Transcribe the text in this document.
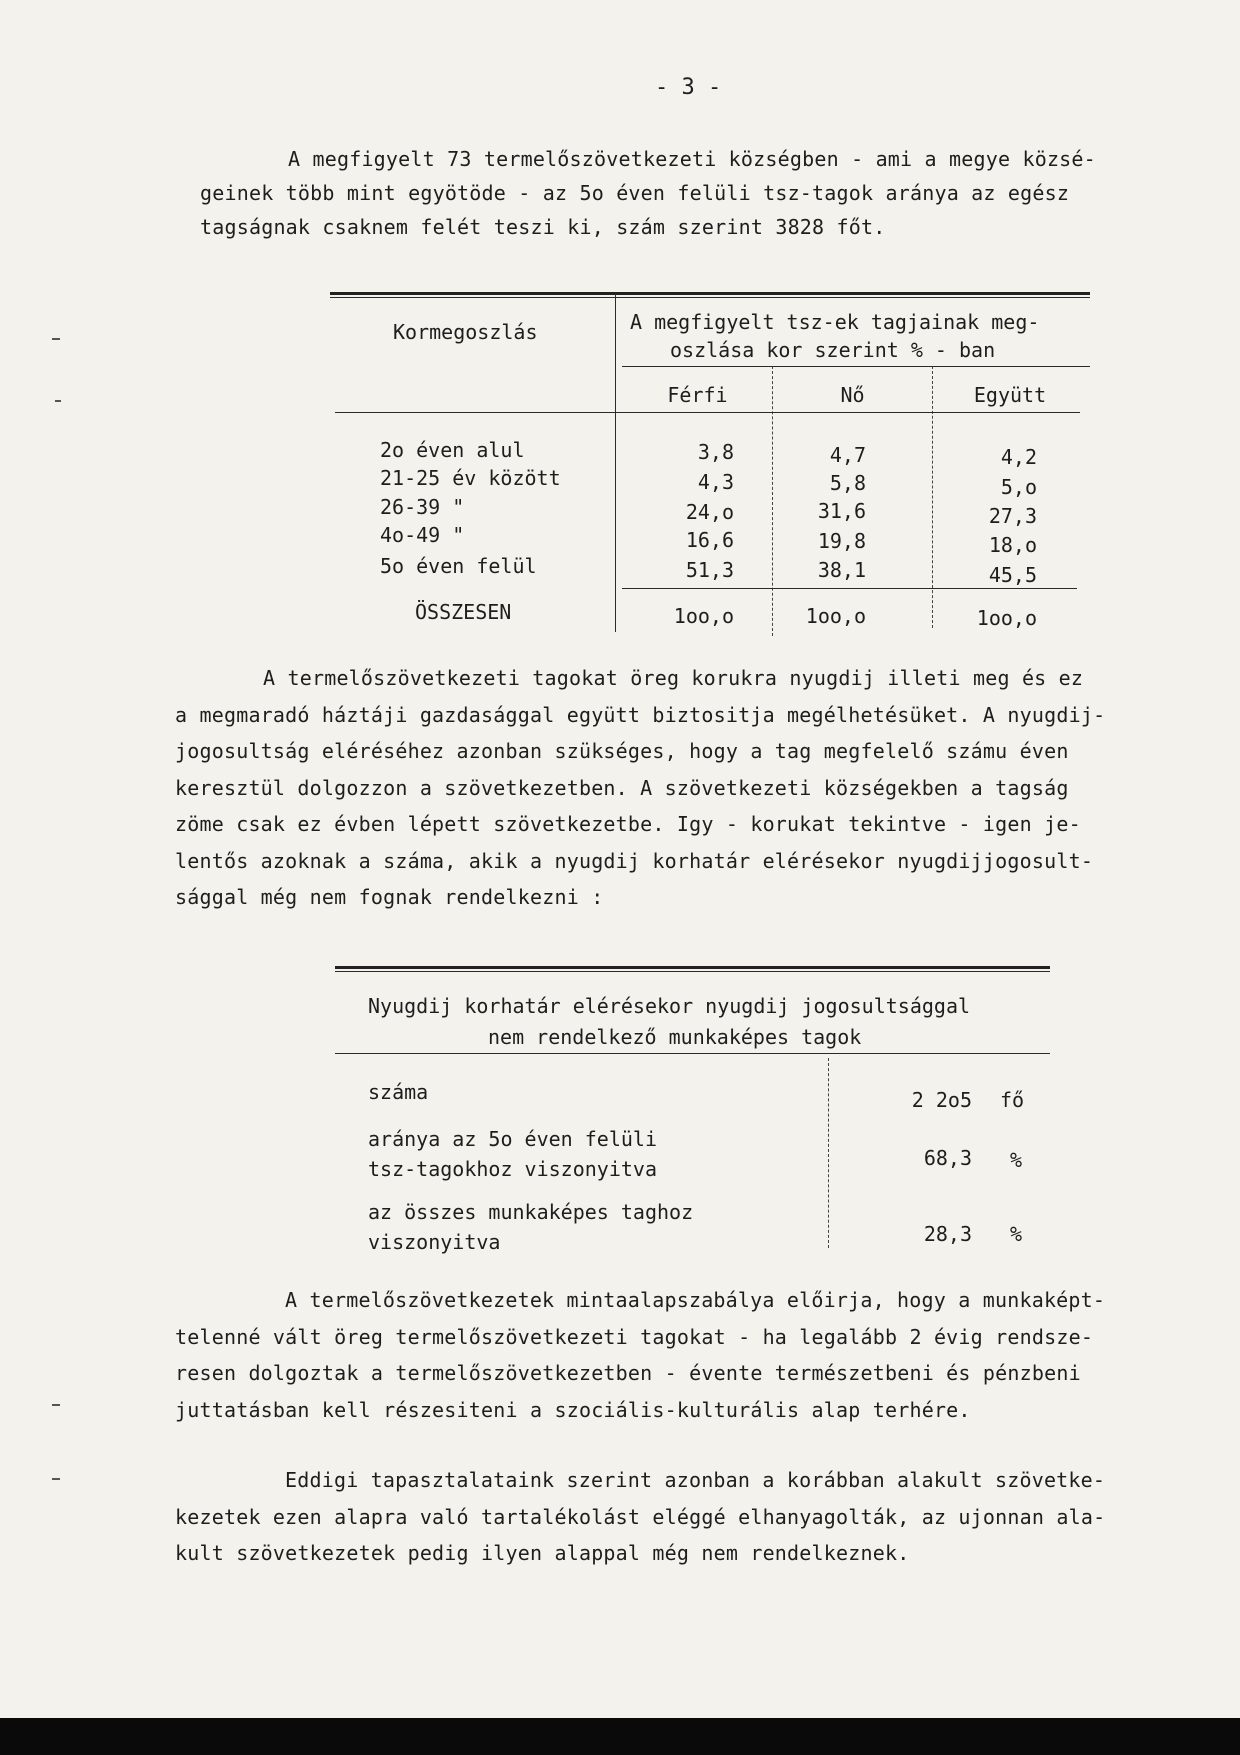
- 3 -
A megfigyelt 73 termelőszövetkezeti községben - ami a megye közsé-
geinek több mint egyötöde - az 5o éven felüli tsz-tagok aránya az egész
tagságnak csaknem felét teszi ki, szám szerint 3828 főt.
Kormegoszlás	A megfigyelt tsz-ek tagjainak meg-
oszlása kor szerint % - ban
Férfi	Nő	Együtt
2o éven alul	3,8	4,7	4,2
21-25 év között	4,3	5,8	5,o
26-39 "	24,o	31,6	27,3
4o-49 "	16,6	19,8	18,o
5o éven felül	51,3	38,1	45,5
ÖSSZESEN	1oo,o	1oo,o	1oo,o
A termelőszövetkezeti tagokat öreg korukra nyugdij illeti meg és ez
a megmaradó háztáji gazdasággal együtt biztositja megélhetésüket. A nyugdij-
jogosultság eléréséhez azonban szükséges, hogy a tag megfelelő számu éven
keresztül dolgozzon a szövetkezetben. A szövetkezeti községekben a tagság
zöme csak ez évben lépett szövetkezetbe. Igy - korukat tekintve - igen je-
lentős azoknak a száma, akik a nyugdij korhatár elérésekor nyugdijjogosult-
sággal még nem fognak rendelkezni :
Nyugdij korhatár elérésekor nyugdij jogosultsággal
nem rendelkező munkaképes tagok
száma	2 2o5 fő
aránya az 5o éven felüli
tsz-tagokhoz viszonyitva	68,3 %
az összes munkaképes taghoz
viszonyitva	28,3 %
A termelőszövetkezetek mintaalapszabálya előirja, hogy a munkaképt-
telenné vált öreg termelőszövetkezeti tagokat - ha legalább 2 évig rendsze-
resen dolgoztak a termelőszövetkezetben - évente természetbeni és pénzbeni
juttatásban kell részesiteni a szociális-kulturális alap terhére.
Eddigi tapasztalataink szerint azonban a korábban alakult szövetke-
kezetek ezen alapra való tartalékolást eléggé elhanyagolták, az ujonnan ala-
kult szövetkezetek pedig ilyen alappal még nem rendelkeznek.
